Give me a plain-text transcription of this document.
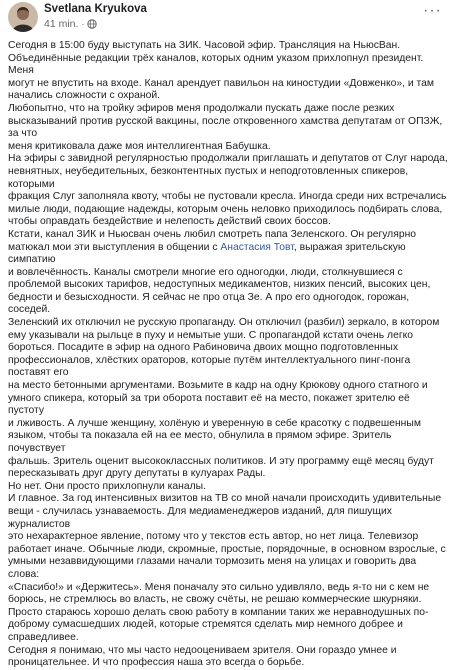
Svetlana Kryukova
41 min. ·
···

Сегодня в 15:00 буду выступать на ЗИК. Часовой эфир. Трансляция на НьюсВан.

Объединённые редакции трёх каналов, которых одним указом прихлопнул президент. Меня

могут не впустить на входе. Канал арендует павильон на киностудии «Довженко», и там

начались сложности с охраной.

Любопытно, что на тройку эфиров меня продолжали пускать даже после резких

высказываний против русской вакцины, после откровенного хамства депутатам от ОПЗЖ, за что

меня критиковала даже моя интеллигентная Бабушка.

На эфиры с завидной регулярностью продолжали приглашать и депутатов от Слуг народа,

невнятных, неубедительных, безконтентных пустых и неподготовленных спикеров, которыми

фракция Слуг заполняла квоту, чтобы не пустовали кресла. Иногда среди них встречались

милые люди, подающие надежды, которым очень неловко приходилось подбирать слова,

чтобы оправдать бездействие и нелепость действий своих боссов.

Кстати, канал ЗИК и Ньюсван очень любил смотреть папа Зеленского. Он регулярно

матюкал мои эти выступления в общении с Анастасия Товт, выражая зрительскую симпатию

и вовлечённость. Каналы смотрели многие его одногодки, люди, столкнувшиеся с

проблемой высоких тарифов, недоступных медикаментов, низких пенсий, высоких цен,

бедности и безысходности. Я сейчас не про отца Зе. А про его одногодок, горожан, соседей.

Зеленский их отключил не русскую пропаганду. Он отключил (разбил) зеркало, в котором

ему указывали на рыльце в пуху и немытые уши. С пропагандой кстати очень легко

бороться. Посадите в эфир на одного Рабиновича двоих мощно подготовленных

профессионалов, хлёстких ораторов, которые путём интеллектуального пинг-понга поставят его

на место бетонными аргументами. Возьмите в кадр на одну Крюкову одного статного и

умного спикера, который за три оборота поставит её на место, покажет зрителю её пустоту

и лживость. А лучше женщину, холёную и уверенную в себе красотку с подвешенным

языком, чтобы та показала ей на ее место, обнулила в прямом эфире. Зритель почувствует

фальшь. Зритель оценит высококлассных политиков. И эту программу ещё месяц будут

пересказывать друг другу депутаты в кулуарах Рады.

Но нет. Они просто прихлопнули каналы.

И главное. За год интенсивных визитов на ТВ со мной начали происходить удивительные

вещи - случилась узнаваемость. Для медиаменеджеров изданий, для пишущих журналистов

это нехарактерное явление, потому что у текстов есть автор, но нет лица. Телевизор

работает иначе. Обычные люди, скромные, простые, порядочные, в основном взрослые, с

умными незаввидующими глазами начали тормозить меня на улицах и говорить два слова:

«Спасибо!» и «Держитесь». Меня поначалу это сильно удивляло, ведь я-то ни с кем не

борюсь, не стремлюсь во власть, не свожу счёты, не решаю коммерческие шкурняки.

Просто стараюсь хорошо делать свою работу в компании таких же неравнодушных по-

доброму сумасшедших людей, которые стремятся сделать мир немного добрее и

справедливее.

Сегодня я понимаю, что мы часто недооцениваем зрителя. Они гораздо умнее и

проницательнее. И что профессия наша это всегда о борьбе.
